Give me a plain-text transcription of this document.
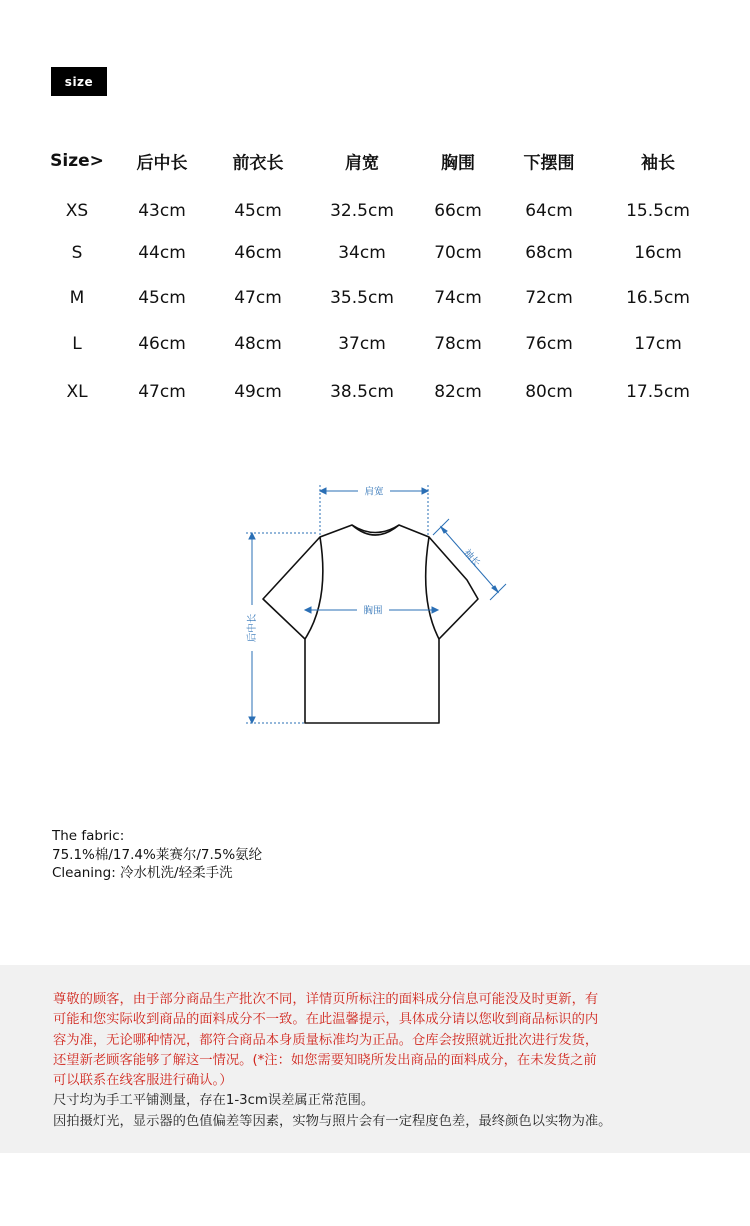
size
Size> 后中长	前衣长	肩宽	胸围	下摆围	袖长
XS	43cm	45cm	32.5cm 66cm	64cm	15.5cm
S	44cm	46cm	34cm	70cm	68cm	16cm
M	45cm	47cm	35.5cm 74cm	72cm	16.5cm
L	46cm	48cm	37cm	78cm	76cm	17cm
XL	47cm	49cm	38.5cm 82cm	80cm	17.5cm
肩宽
胸围
袖长
后中长
The fabric:
75.1%棉/17.4%莱赛尔/7.5%氨纶
Cleaning: 冷水机洗/轻柔手洗
尊敬的顾客，由于部分商品生产批次不同，详情页所标注的面料成分信息可能没及时更新，有
可能和您实际收到商品的面料成分不一致。在此温馨提示，具体成分请以您收到商品标识的内
容为准，无论哪种情况，都符合商品本身质量标准均为正品。仓库会按照就近批次进行发货，
还望新老顾客能够了解这一情况。(*注：如您需要知晓所发出商品的面料成分，在未发货之前
可以联系在线客服进行确认。）
尺寸均为手工平铺测量，存在1-3cm误差属正常范围。
因拍摄灯光，显示器的色值偏差等因素，实物与照片会有一定程度色差，最终颜色以实物为准。
